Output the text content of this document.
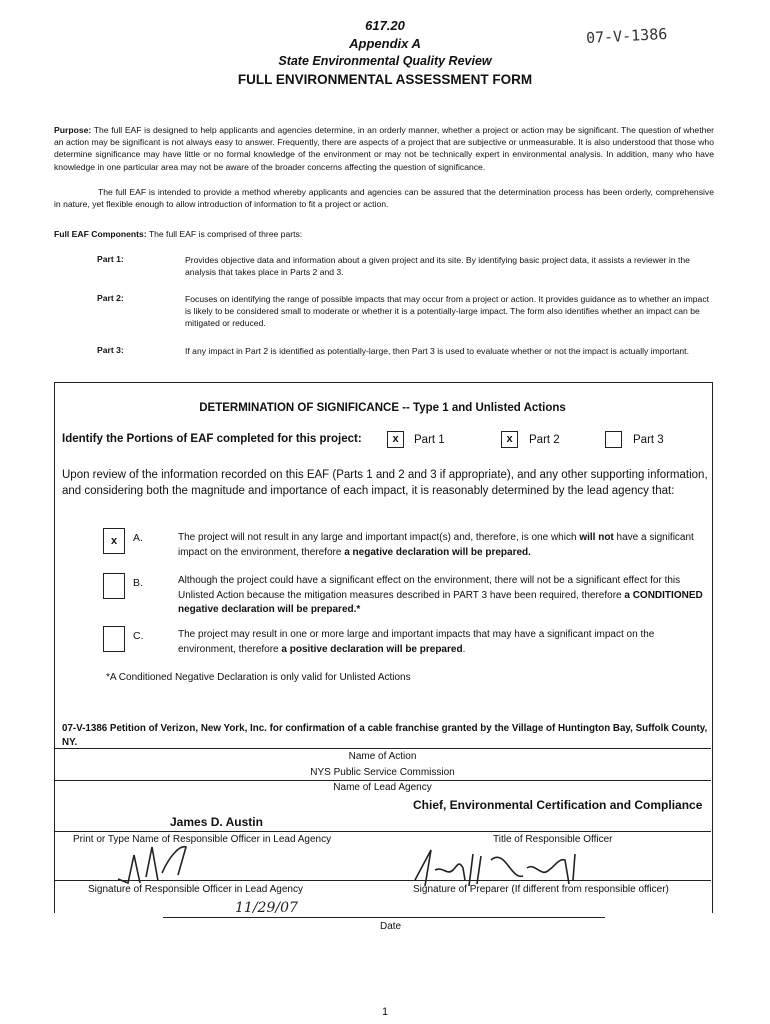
617.20
Appendix A
State Environmental Quality Review
FULL ENVIRONMENTAL ASSESSMENT FORM
07-V-1386
Purpose: The full EAF is designed to help applicants and agencies determine, in an orderly manner, whether a project or action may be significant. The question of whether an action may be significant is not always easy to answer. Frequently, there are aspects of a project that are subjective or unmeasurable. It is also understood that those who determine significance may have little or no formal knowledge of the environment or may not be technically expert in environmental analysis. In addition, many who have knowledge in one particular area may not be aware of the broader concerns affecting the question of significance.
The full EAF is intended to provide a method whereby applicants and agencies can be assured that the determination process has been orderly, comprehensive in nature, yet flexible enough to allow introduction of information to fit a project or action.
Full EAF Components: The full EAF is comprised of three parts:
Part 1:	Provides objective data and information about a given project and its site. By identifying basic project data, it assists a reviewer in the analysis that takes place in Parts 2 and 3.
Part 2:	Focuses on identifying the range of possible impacts that may occur from a project or action. It provides guidance as to whether an impact is likely to be considered small to moderate or whether it is a potentially-large impact. The form also identifies whether an impact can be mitigated or reduced.
Part 3:	If any impact in Part 2 is identified as potentially-large, then Part 3 is used to evaluate whether or not the impact is actually important.
DETERMINATION OF SIGNIFICANCE -- Type 1 and Unlisted Actions
Identify the Portions of EAF completed for this project:	x	Part 1	x	Part 2	Part 3
Upon review of the information recorded on this EAF (Parts 1 and 2 and 3 if appropriate), and any other supporting information, and considering both the magnitude and importance of each impact, it is reasonably determined by the lead agency that:
x	A.	The project will not result in any large and important impact(s) and, therefore, is one which will not have a significant impact on the environment, therefore a negative declaration will be prepared.
B.	Although the project could have a significant effect on the environment, there will not be a significant effect for this Unlisted Action because the mitigation measures described in PART 3 have been required, therefore a CONDITIONED negative declaration will be prepared.*
C.	The project may result in one or more large and important impacts that may have a significant impact on the environment, therefore a positive declaration will be prepared.
*A Conditioned Negative Declaration is only valid for Unlisted Actions
07-V-1386 Petition of Verizon, New York, Inc. for confirmation of a cable franchise granted by the Village of Huntington Bay, Suffolk County, NY.
Name of Action
NYS Public Service Commission
Name of Lead Agency
James D. Austin
Chief, Environmental Certification and Compliance
Print or Type Name of Responsible Officer in Lead Agency	Title of Responsible Officer
Signature of Responsible Officer in Lead Agency	Signature of Preparer (If different from responsible officer)
11/29/07
Date
1
